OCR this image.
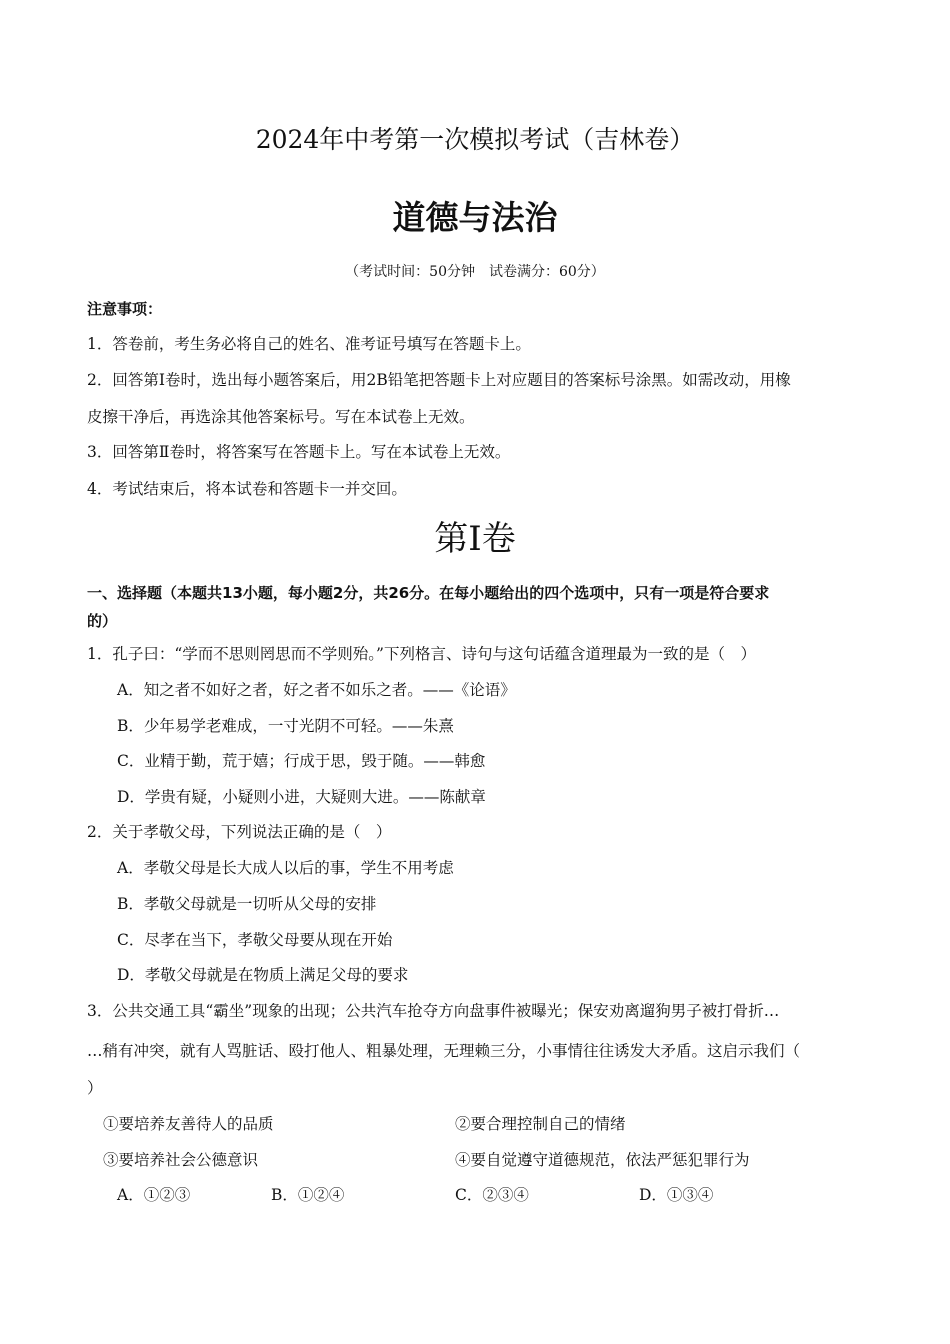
2024年中考第一次模拟考试（吉林卷）
道德与法治
（考试时间：50分钟　试卷满分：60分）
注意事项：
1．答卷前，考生务必将自己的姓名、准考证号填写在答题卡上。
2．回答第Ⅰ卷时，选出每小题答案后，用2B铅笔把答题卡上对应题目的答案标号涂黑。如需改动，用橡
皮擦干净后，再选涂其他答案标号。写在本试卷上无效。
3．回答第Ⅱ卷时，将答案写在答题卡上。写在本试卷上无效。
4．考试结束后，将本试卷和答题卡一并交回。
第Ⅰ卷
一、选择题（本题共13小题，每小题2分，共26分。在每小题给出的四个选项中，只有一项是符合要求
的）
1．孔子曰：“学而不思则罔思而不学则殆。”下列格言、诗句与这句话蕴含道理最为一致的是（　）
A．知之者不如好之者，好之者不如乐之者。——《论语》
B．少年易学老难成，一寸光阴不可轻。——朱熹
C．业精于勤，荒于嬉；行成于思，毁于随。——韩愈
D．学贵有疑，小疑则小进，大疑则大进。——陈献章
2．关于孝敬父母，下列说法正确的是（　）
A．孝敬父母是长大成人以后的事，学生不用考虑
B．孝敬父母就是一切听从父母的安排
C．尽孝在当下，孝敬父母要从现在开始
D．孝敬父母就是在物质上满足父母的要求
3．公共交通工具“霸坐”现象的出现；公共汽车抢夺方向盘事件被曝光；保安劝离遛狗男子被打骨折…
…稍有冲突，就有人骂脏话、殴打他人、粗暴处理，无理赖三分，小事情往往诱发大矛盾。这启示我们（
）
①要培养友善待人的品质	②要合理控制自己的情绪
③要培养社会公德意识	④要自觉遵守道德规范，依法严惩犯罪行为
A．①②③	B．①②④	C．②③④	D．①③④
